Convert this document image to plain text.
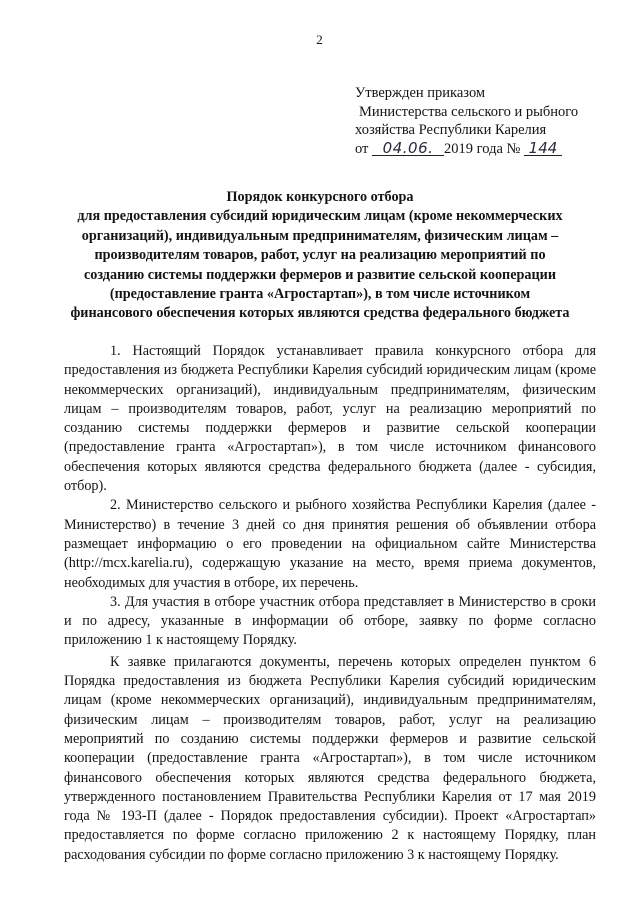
2
Утвержден приказом
Министерства сельского и рыбного
хозяйства Республики Карелия
от 04.06. 2019 года № 144
Порядок конкурсного отбора
для предоставления субсидий юридическим лицам (кроме некоммерческих
организаций), индивидуальным предпринимателям, физическим лицам –
производителям товаров, работ, услуг на реализацию мероприятий по
созданию системы поддержки фермеров и развитие сельской кооперации
(предоставление гранта «Агростартап»), в том числе источником
финансового обеспечения которых являются средства федерального бюджета

1. Настоящий Порядок устанавливает правила конкурсного отбора для предоставления из бюджета Республики Карелия субсидий юридическим лицам (кроме некоммерческих организаций), индивидуальным предпринимателям, физическим лицам – производителям товаров, работ, услуг на реализацию мероприятий по созданию системы поддержки фермеров и развитие сельской кооперации (предоставление гранта «Агростартап»), в том числе источником финансового обеспечения которых являются средства федерального бюджета (далее - субсидия, отбор).

2. Министерство сельского и рыбного хозяйства Республики Карелия (далее - Министерство) в течение 3 дней со дня принятия решения об объявлении отбора размещает информацию о его проведении на официальном сайте Министерства (http://mcx.karelia.ru), содержащую указание на место, время приема документов, необходимых для участия в отборе, их перечень.

3. Для участия в отборе участник отбора представляет в Министерство в сроки и по адресу, указанные в информации об отборе, заявку по форме согласно приложению 1 к настоящему Порядку.

К заявке прилагаются документы, перечень которых определен пунктом 6 Порядка предоставления из бюджета Республики Карелия субсидий юридическим лицам (кроме некоммерческих организаций), индивидуальным предпринимателям, физическим лицам – производителям товаров, работ, услуг на реализацию мероприятий по созданию системы поддержки фермеров и развитие сельской кооперации (предоставление гранта «Агростартап»), в том числе источником финансового обеспечения которых являются средства федерального бюджета, утвержденного постановлением Правительства Республики Карелия от 17 мая 2019 года № 193-П (далее - Порядок предоставления субсидии). Проект «Агростартап» предоставляется по форме согласно приложению 2 к настоящему Порядку, план расходования субсидии по форме согласно приложению 3 к настоящему Порядку.
